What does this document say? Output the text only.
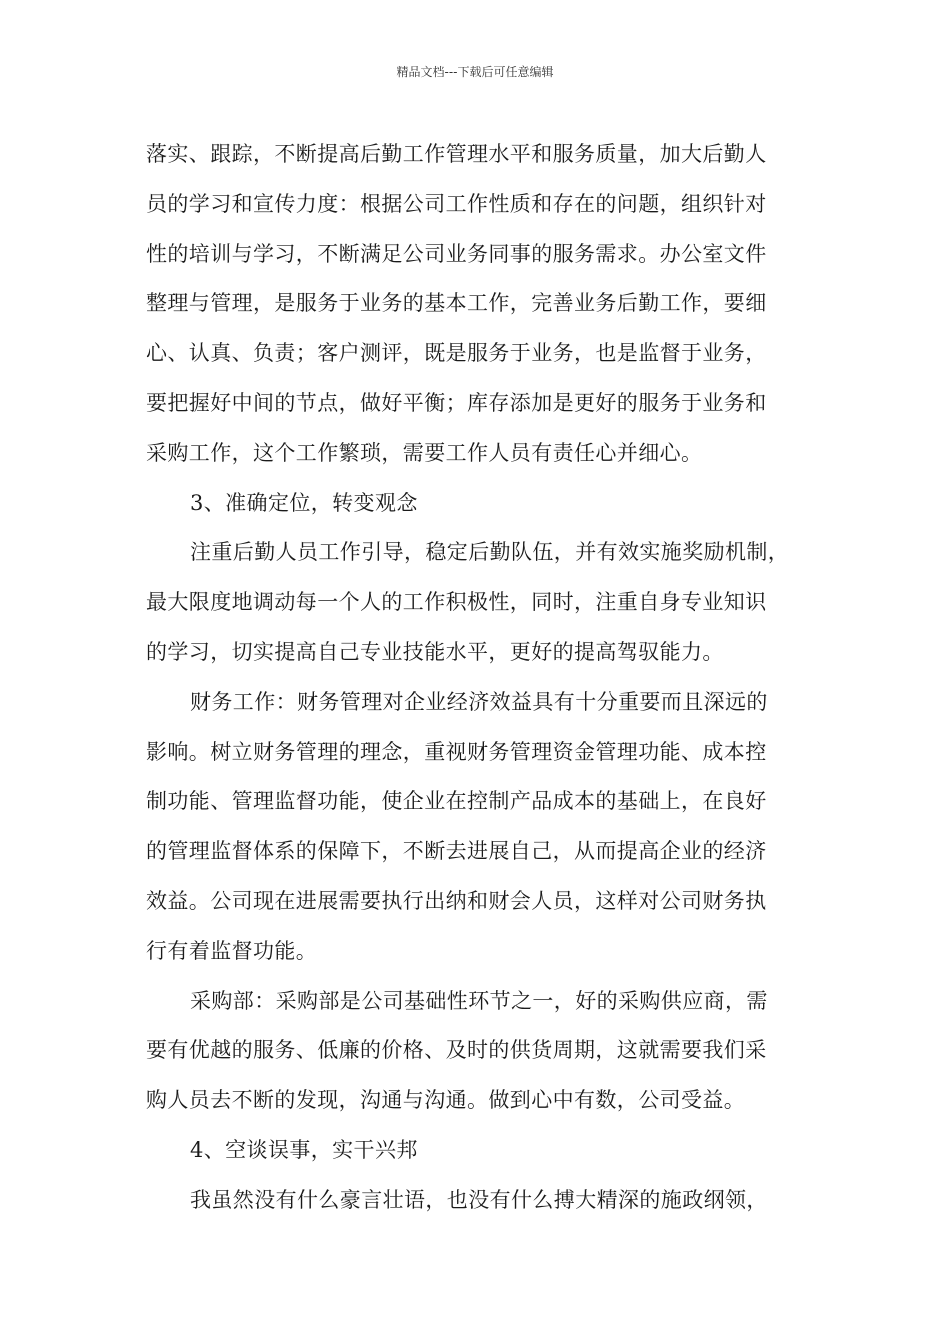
精品文档---下载后可任意编辑
落实、跟踪，不断提高后勤工作管理水平和服务质量，加大后勤人
员的学习和宣传力度：根据公司工作性质和存在的问题，组织针对
性的培训与学习，不断满足公司业务同事的服务需求。办公室文件
整理与管理，是服务于业务的基本工作，完善业务后勤工作，要细
心、认真、负责；客户测评，既是服务于业务，也是监督于业务，
要把握好中间的节点，做好平衡；库存添加是更好的服务于业务和
采购工作，这个工作繁琐，需要工作人员有责任心并细心。
3、准确定位，转变观念
注重后勤人员工作引导，稳定后勤队伍，并有效实施奖励机制，
最大限度地调动每一个人的工作积极性，同时，注重自身专业知识
的学习，切实提高自己专业技能水平，更好的提高驾驭能力。
财务工作：财务管理对企业经济效益具有十分重要而且深远的
影响。树立财务管理的理念，重视财务管理资金管理功能、成本控
制功能、管理监督功能，使企业在控制产品成本的基础上，在良好
的管理监督体系的保障下，不断去进展自己，从而提高企业的经济
效益。公司现在进展需要执行出纳和财会人员，这样对公司财务执
行有着监督功能。
采购部：采购部是公司基础性环节之一，好的采购供应商，需
要有优越的服务、低廉的价格、及时的供货周期，这就需要我们采
购人员去不断的发现，沟通与沟通。做到心中有数，公司受益。
4、空谈误事，实干兴邦
我虽然没有什么豪言壮语，也没有什么搏大精深的施政纲领，
